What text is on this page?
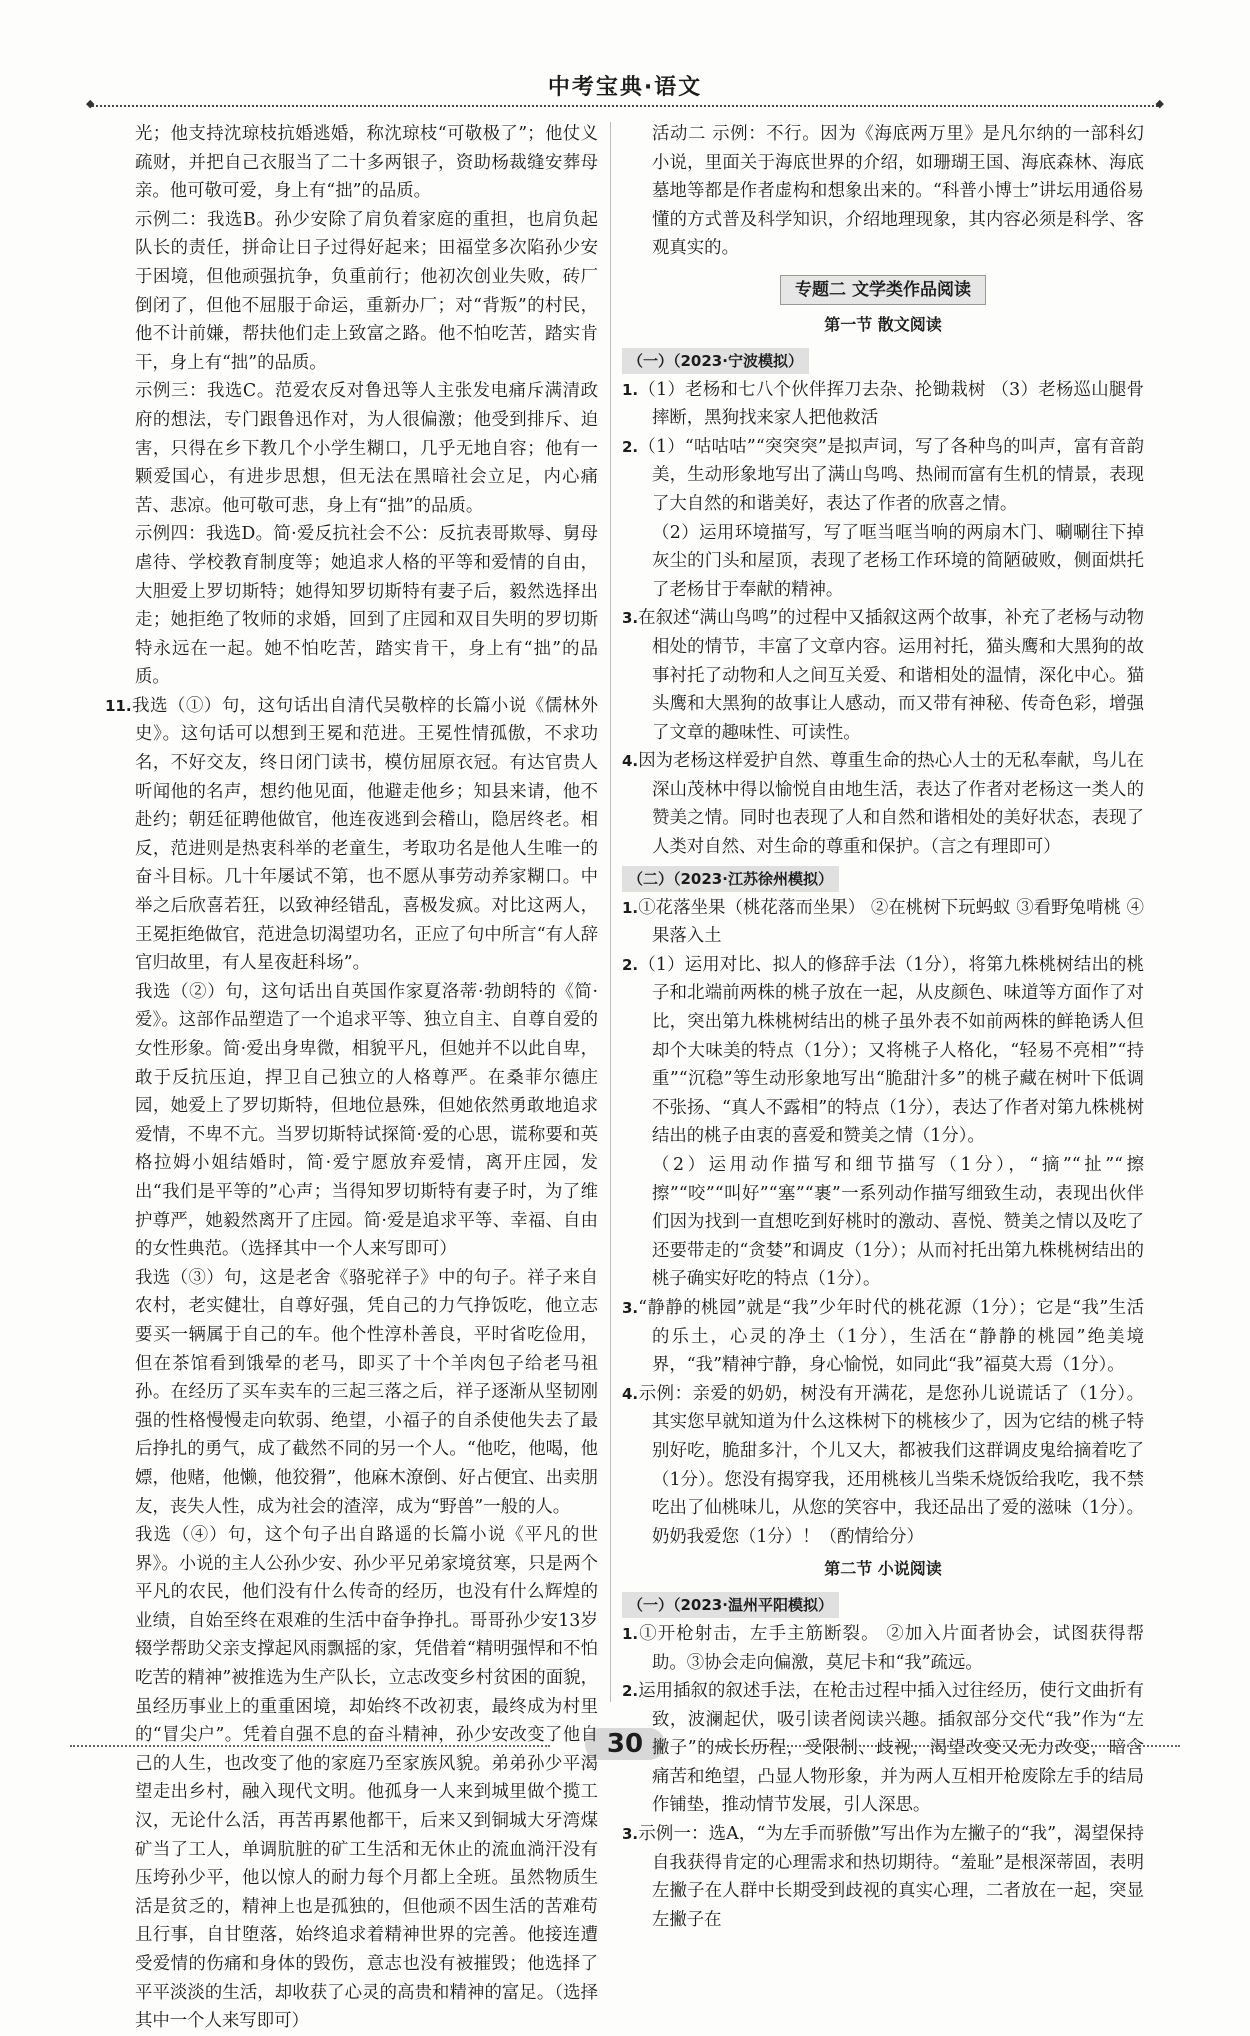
中考宝典·语文
◆ ◆

光；他支持沈琼枝抗婚逃婚，称沈琼枝“可敬极了”；他仗义疏财，并把自己衣服当了二十多两银子，资助杨裁缝安葬母亲。他可敬可爱，身上有“拙”的品质。

示例二：我选B。孙少安除了肩负着家庭的重担，也肩负起队长的责任，拼命让日子过得好起来；田福堂多次陷孙少安于困境，但他顽强抗争，负重前行；他初次创业失败，砖厂倒闭了，但他不屈服于命运，重新办厂；对“背叛”的村民，他不计前嫌，帮扶他们走上致富之路。他不怕吃苦，踏实肯干，身上有“拙”的品质。

示例三：我选C。范爱农反对鲁迅等人主张发电痛斥满清政府的想法，专门跟鲁迅作对，为人很偏激；他受到排斥、迫害，只得在乡下教几个小学生糊口，几乎无地自容；他有一颗爱国心，有进步思想，但无法在黑暗社会立足，内心痛苦、悲凉。他可敬可悲，身上有“拙”的品质。

示例四：我选D。简·爱反抗社会不公：反抗表哥欺辱、舅母虐待、学校教育制度等；她追求人格的平等和爱情的自由，大胆爱上罗切斯特；她得知罗切斯特有妻子后，毅然选择出走；她拒绝了牧师的求婚，回到了庄园和双目失明的罗切斯特永远在一起。她不怕吃苦，踏实肯干，身上有“拙”的品质。

11.我选（①）句，这句话出自清代吴敬梓的长篇小说《儒林外史》。这句话可以想到王冕和范进。王冕性情孤傲，不求功名，不好交友，终日闭门读书，模仿屈原衣冠。有达官贵人听闻他的名声，想约他见面，他避走他乡；知县来请，他不赴约；朝廷征聘他做官，他连夜逃到会稽山，隐居终老。相反，范进则是热衷科举的老童生，考取功名是他人生唯一的奋斗目标。几十年屡试不第，也不愿从事劳动养家糊口。中举之后欣喜若狂，以致神经错乱，喜极发疯。对比这两人，王冕拒绝做官，范进急切渴望功名，正应了句中所言“有人辞官归故里，有人星夜赶科场”。

我选（②）句，这句话出自英国作家夏洛蒂·勃朗特的《简·爱》。这部作品塑造了一个追求平等、独立自主、自尊自爱的女性形象。简·爱出身卑微，相貌平凡，但她并不以此自卑，敢于反抗压迫，捍卫自己独立的人格尊严。在桑菲尔德庄园，她爱上了罗切斯特，但地位悬殊，但她依然勇敢地追求爱情，不卑不亢。当罗切斯特试探简·爱的心思，谎称要和英格拉姆小姐结婚时，简·爱宁愿放弃爱情，离开庄园，发出“我们是平等的”心声；当得知罗切斯特有妻子时，为了维护尊严，她毅然离开了庄园。简·爱是追求平等、幸福、自由的女性典范。（选择其中一个人来写即可）

我选（③）句，这是老舍《骆驼祥子》中的句子。祥子来自农村，老实健壮，自尊好强，凭自己的力气挣饭吃，他立志要买一辆属于自己的车。他个性淳朴善良，平时省吃俭用，但在茶馆看到饿晕的老马，即买了十个羊肉包子给老马祖孙。在经历了买车卖车的三起三落之后，祥子逐渐从坚韧刚强的性格慢慢走向软弱、绝望，小福子的自杀使他失去了最后挣扎的勇气，成了截然不同的另一个人。“他吃，他喝，他嫖，他赌，他懒，他狡猾”，他麻木潦倒、好占便宜、出卖朋友，丧失人性，成为社会的渣滓，成为“野兽”一般的人。

我选（④）句，这个句子出自路遥的长篇小说《平凡的世界》。小说的主人公孙少安、孙少平兄弟家境贫寒，只是两个平凡的农民，他们没有什么传奇的经历，也没有什么辉煌的业绩，自始至终在艰难的生活中奋争挣扎。哥哥孙少安13岁辍学帮助父亲支撑起风雨飘摇的家，凭借着“精明强悍和不怕吃苦的精神”被推选为生产队长，立志改变乡村贫困的面貌，虽经历事业上的重重困境，却始终不改初衷，最终成为村里的“冒尖户”。凭着自强不息的奋斗精神，孙少安改变了他自己的人生，也改变了他的家庭乃至家族风貌。弟弟孙少平渴望走出乡村，融入现代文明。他孤身一人来到城里做个揽工汉，无论什么活，再苦再累他都干，后来又到铜城大牙湾煤矿当了工人，单调肮脏的矿工生活和无休止的流血淌汗没有压垮孙少平，他以惊人的耐力每个月都上全班。虽然物质生活是贫乏的，精神上也是孤独的，但他顽不因生活的苦难苟且行事，自甘堕落，始终追求着精神世界的完善。他接连遭受爱情的伤痛和身体的毁伤，意志也没有被摧毁；他选择了平平淡淡的生活，却收获了心灵的高贵和精神的富足。（选择其中一个人来写即可）

活动二 示例：不行。因为《海底两万里》是凡尔纳的一部科幻小说，里面关于海底世界的介绍，如珊瑚王国、海底森林、海底墓地等都是作者虚构和想象出来的。“科普小博士”讲坛用通俗易懂的方式普及科学知识，介绍地理现象，其内容必须是科学、客观真实的。

专题二 文学类作品阅读
第一节 散文阅读
（一）（2023·宁波模拟）

1.（1）老杨和七八个伙伴挥刀去杂、抡锄栽树 （3）老杨巡山腿骨摔断，黑狗找来家人把他救活

2.（1）“咕咕咕”“突突突”是拟声词，写了各种鸟的叫声，富有音韵美，生动形象地写出了满山鸟鸣、热闹而富有生机的情景，表现了大自然的和谐美好，表达了作者的欣喜之情。

（2）运用环境描写，写了哐当哐当响的两扇木门、唰唰往下掉灰尘的门头和屋顶，表现了老杨工作环境的简陋破败，侧面烘托了老杨甘于奉献的精神。

3.在叙述“满山鸟鸣”的过程中又插叙这两个故事，补充了老杨与动物相处的情节，丰富了文章内容。运用衬托，猫头鹰和大黑狗的故事衬托了动物和人之间互关爱、和谐相处的温情，深化中心。猫头鹰和大黑狗的故事让人感动，而又带有神秘、传奇色彩，增强了文章的趣味性、可读性。

4.因为老杨这样爱护自然、尊重生命的热心人士的无私奉献，鸟儿在深山茂林中得以愉悦自由地生活，表达了作者对老杨这一类人的赞美之情。同时也表现了人和自然和谐相处的美好状态，表现了人类对自然、对生命的尊重和保护。（言之有理即可）

（二）（2023·江苏徐州模拟）

1.①花落坐果（桃花落而坐果） ②在桃树下玩蚂蚁 ③看野兔啃桃 ④果落入土

2.（1）运用对比、拟人的修辞手法（1分），将第九株桃树结出的桃子和北端前两株的桃子放在一起，从皮颜色、味道等方面作了对比，突出第九株桃树结出的桃子虽外表不如前两株的鲜艳诱人但却个大味美的特点（1分）；又将桃子人格化，“轻易不亮相”“持重”“沉稳”等生动形象地写出“脆甜汁多”的桃子藏在树叶下低调不张扬、“真人不露相”的特点（1分），表达了作者对第九株桃树结出的桃子由衷的喜爱和赞美之情（1分）。

（2）运用动作描写和细节描写（1分），“摘”“扯”“擦擦”“咬”“叫好”“塞”“裹”一系列动作描写细致生动，表现出伙伴们因为找到一直想吃到好桃时的激动、喜悦、赞美之情以及吃了还要带走的“贪婪”和调皮（1分）；从而衬托出第九株桃树结出的桃子确实好吃的特点（1分）。

3.“静静的桃园”就是“我”少年时代的桃花源（1分）；它是“我”生活的乐土，心灵的净土（1分），生活在“静静的桃园”绝美境界，“我”精神宁静，身心愉悦，如同此“我”福莫大焉（1分）。

4.示例：亲爱的奶奶，树没有开满花，是您孙儿说谎话了（1分）。其实您早就知道为什么这株树下的桃核少了，因为它结的桃子特别好吃，脆甜多汁，个儿又大，都被我们这群调皮鬼给摘着吃了（1分）。您没有揭穿我，还用桃核儿当柴禾烧饭给我吃，我不禁吃出了仙桃味儿，从您的笑容中，我还品出了爱的滋味（1分）。奶奶我爱您（1分）！（酌情给分）

第二节 小说阅读
（一）（2023·温州平阳模拟）

1.①开枪射击，左手主筋断裂。 ②加入片面者协会，试图获得帮助。③协会走向偏激，莫尼卡和“我”疏远。

2.运用插叙的叙述手法，在枪击过程中插入过往经历，使行文曲折有致，波澜起伏，吸引读者阅读兴趣。插叙部分交代“我”作为“左撇子”的成长历程，受限制、歧视，渴望改变又无力改变，暗含痛苦和绝望，凸显人物形象，并为两人互相开枪废除左手的结局作铺垫，推动情节发展，引人深思。

3.示例一：选A，“为左手而骄傲”写出作为左撇子的“我”，渴望保持自我获得肯定的心理需求和热切期待。“羞耻”是根深蒂固，表明左撇子在人群中长期受到歧视的真实心理，二者放在一起，突显左撇子在

30
